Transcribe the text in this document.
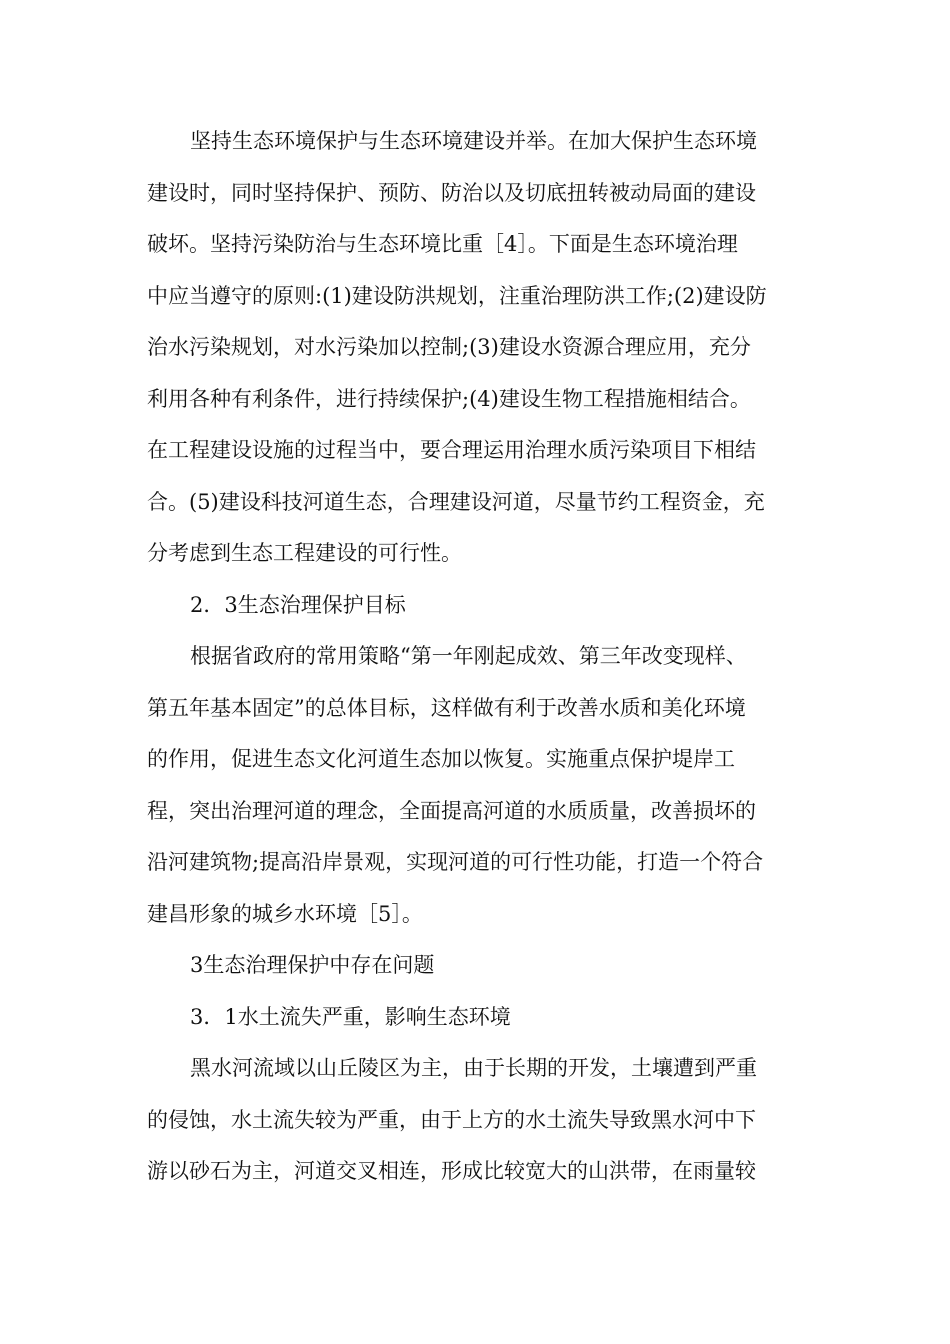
坚持生态环境保护与生态环境建设并举。在加大保护生态环境
建设时，同时坚持保护、预防、防治以及切底扭转被动局面的建设
破坏。坚持污染防治与生态环境比重［4］。下面是生态环境治理
中应当遵守的原则:(1)建设防洪规划，注重治理防洪工作;(2)建设防
治水污染规划，对水污染加以控制;(3)建设水资源合理应用，充分
利用各种有利条件，进行持续保护;(4)建设生物工程措施相结合。
在工程建设设施的过程当中，要合理运用治理水质污染项目下相结
合。(5)建设科技河道生态，合理建设河道，尽量节约工程资金，充
分考虑到生态工程建设的可行性。
2．3生态治理保护目标
根据省政府的常用策略“第一年刚起成效、第三年改变现样、
第五年基本固定”的总体目标，这样做有利于改善水质和美化环境
的作用，促进生态文化河道生态加以恢复。实施重点保护堤岸工
程，突出治理河道的理念，全面提高河道的水质质量，改善损坏的
沿河建筑物;提高沿岸景观，实现河道的可行性功能，打造一个符合
建昌形象的城乡水环境［5］。
3生态治理保护中存在问题
3．1水土流失严重，影响生态环境
黑水河流域以山丘陵区为主，由于长期的开发，土壤遭到严重
的侵蚀，水土流失较为严重，由于上方的水土流失导致黑水河中下
游以砂石为主，河道交叉相连，形成比较宽大的山洪带，在雨量较
